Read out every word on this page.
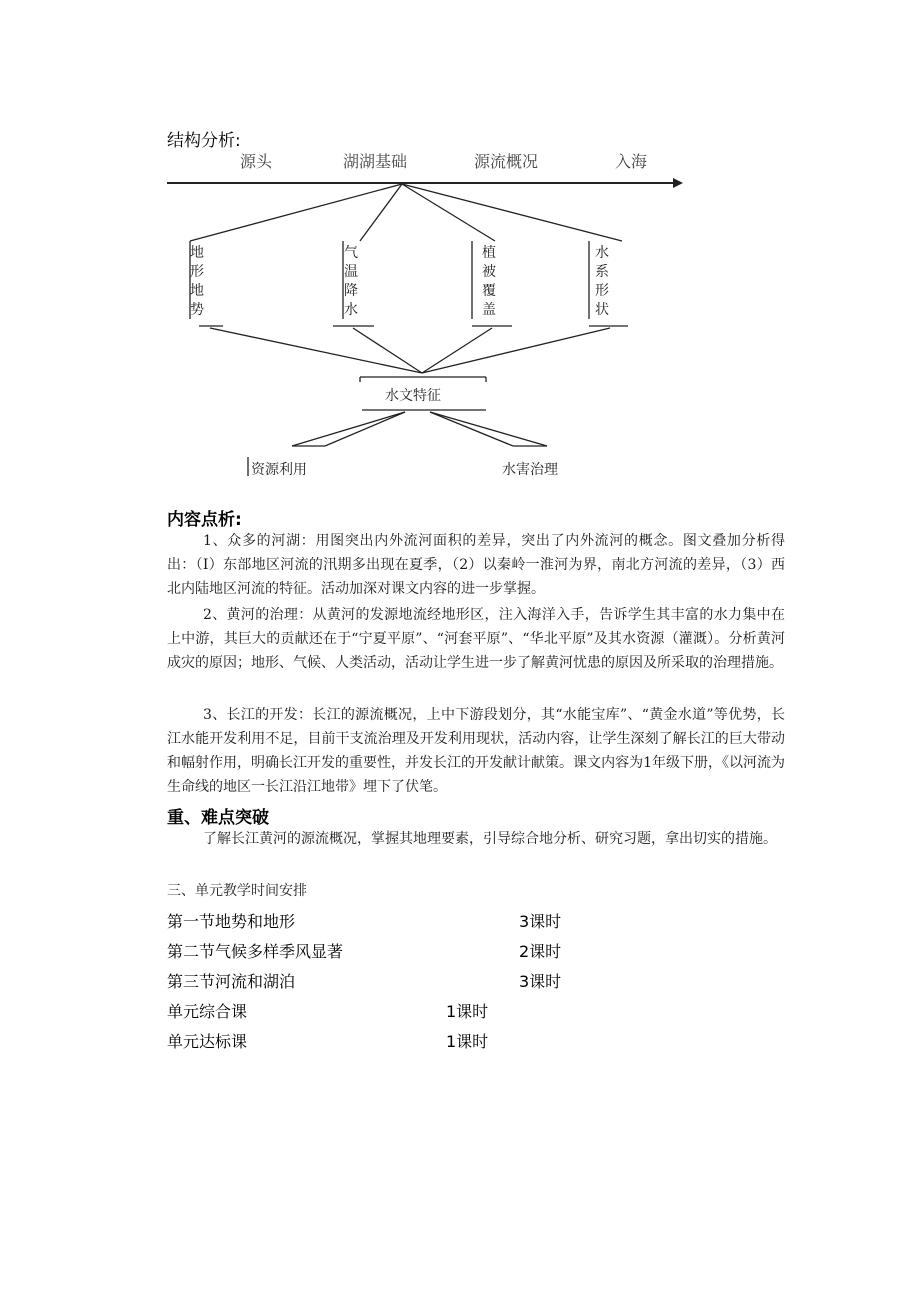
结构分析:
源头	湖湖基础	源流概况	入海
地形地势
气温降水
植被覆盖
水系形状
水文特征
资源利用	水害治理
内容点析:
1、众多的河湖：用图突出内外流河面积的差异，突出了内外流河的概念。图文叠加分析得出：（I）东部地区河流的汛期多出现在夏季，（2）以秦岭一淮河为界，南北方河流的差异，（3）西北内陆地区河流的特征。活动加深对课文内容的进一步掌握。
2、黄河的治理：从黄河的发源地流经地形区，注入海洋入手，告诉学生其丰富的水力集中在上中游，其巨大的贡献还在于“宁夏平原”、“河套平原”、“华北平原”及其水资源（灌溉）。分析黄河成灾的原因；地形、气候、人类活动，活动让学生进一步了解黄河忧患的原因及所采取的治理措施。
3、长江的开发：长江的源流概况，上中下游段划分，其“水能宝库”、“黄金水道”等优势，长江水能开发利用不足，目前干支流治理及开发利用现状，活动内容，让学生深刻了解长江的巨大带动和幅射作用，明确长江开发的重要性，并发长江的开发献计献策。课文内容为1年级下册，《以河流为生命线的地区一长江沿江地带》埋下了伏笔。
重、难点突破
了解长江黄河的源流概况，掌握其地理要素，引导综合地分析、研究习题，拿出切实的措施。
三、单元教学时间安排
第一节地势和地形	3课时
第二节气候多样季风显著	2课时
第三节河流和湖泊	3课时
单元综合课	1课时
单元达标课	1课时
